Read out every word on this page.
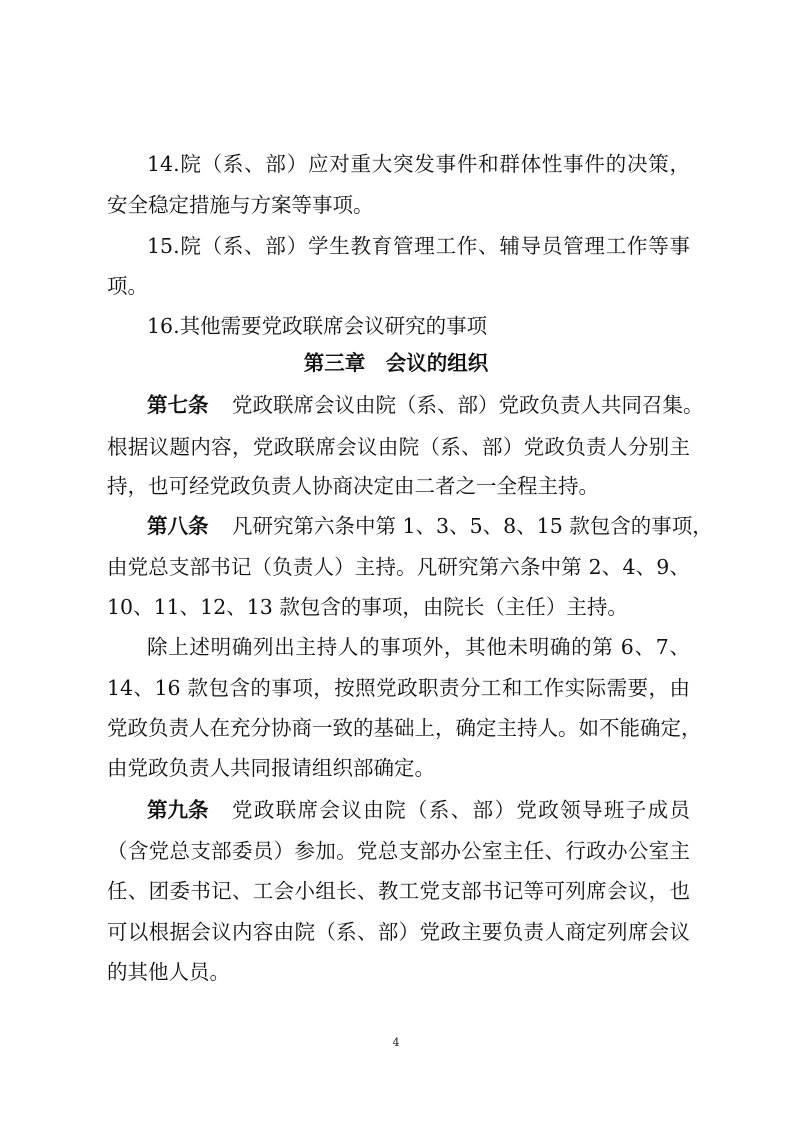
14.院（系、部）应对重大突发事件和群体性事件的决策，
安全稳定措施与方案等事项。
15.院（系、部）学生教育管理工作、辅导员管理工作等事
项。
16.其他需要党政联席会议研究的事项
第三章　会议的组织
第七条 党政联席会议由院（系、部）党政负责人共同召集。
根据议题内容，党政联席会议由院（系、部）党政负责人分别主
持，也可经党政负责人协商决定由二者之一全程主持。
第八条 凡研究第六条中第 1、3、5、8、15 款包含的事项，
由党总支部书记（负责人）主持。凡研究第六条中第 2、4、9、
10、11、12、13 款包含的事项，由院长（主任）主持。
除上述明确列出主持人的事项外，其他未明确的第 6、7、
14、16 款包含的事项，按照党政职责分工和工作实际需要，由
党政负责人在充分协商一致的基础上，确定主持人。如不能确定，
由党政负责人共同报请组织部确定。
第九条 党政联席会议由院（系、部）党政领导班子成员
（含党总支部委员）参加。党总支部办公室主任、行政办公室主
任、团委书记、工会小组长、教工党支部书记等可列席会议，也
可以根据会议内容由院（系、部）党政主要负责人商定列席会议
的其他人员。
4
